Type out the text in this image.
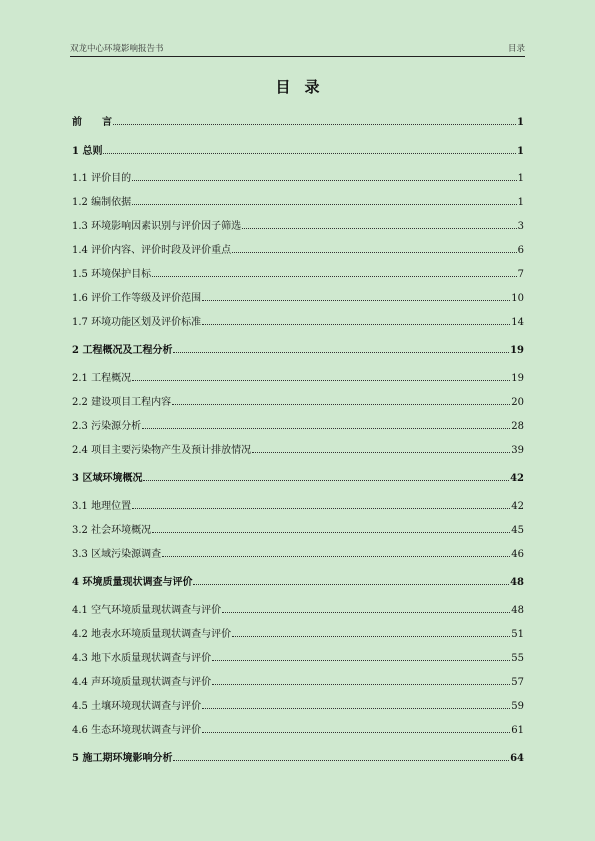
双龙中心环境影响报告书	目录
目录
前　　言	1
1 总则	1
1.1 评价目的	1
1.2 编制依据	1
1.3 环境影响因素识别与评价因子筛选	3
1.4 评价内容、评价时段及评价重点	6
1.5 环境保护目标	7
1.6 评价工作等级及评价范围	10
1.7 环境功能区划及评价标准	14
2 工程概况及工程分析	19
2.1 工程概况	19
2.2 建设项目工程内容	20
2.3 污染源分析	28
2.4 项目主要污染物产生及预计排放情况	39
3 区域环境概况	42
3.1 地理位置	42
3.2 社会环境概况	45
3.3 区域污染源调查	46
4 环境质量现状调查与评价	48
4.1 空气环境质量现状调查与评价	48
4.2 地表水环境质量现状调查与评价	51
4.3 地下水质量现状调查与评价	55
4.4 声环境质量现状调查与评价	57
4.5 土壤环境现状调查与评价	59
4.6 生态环境现状调查与评价	61
5 施工期环境影响分析	64
